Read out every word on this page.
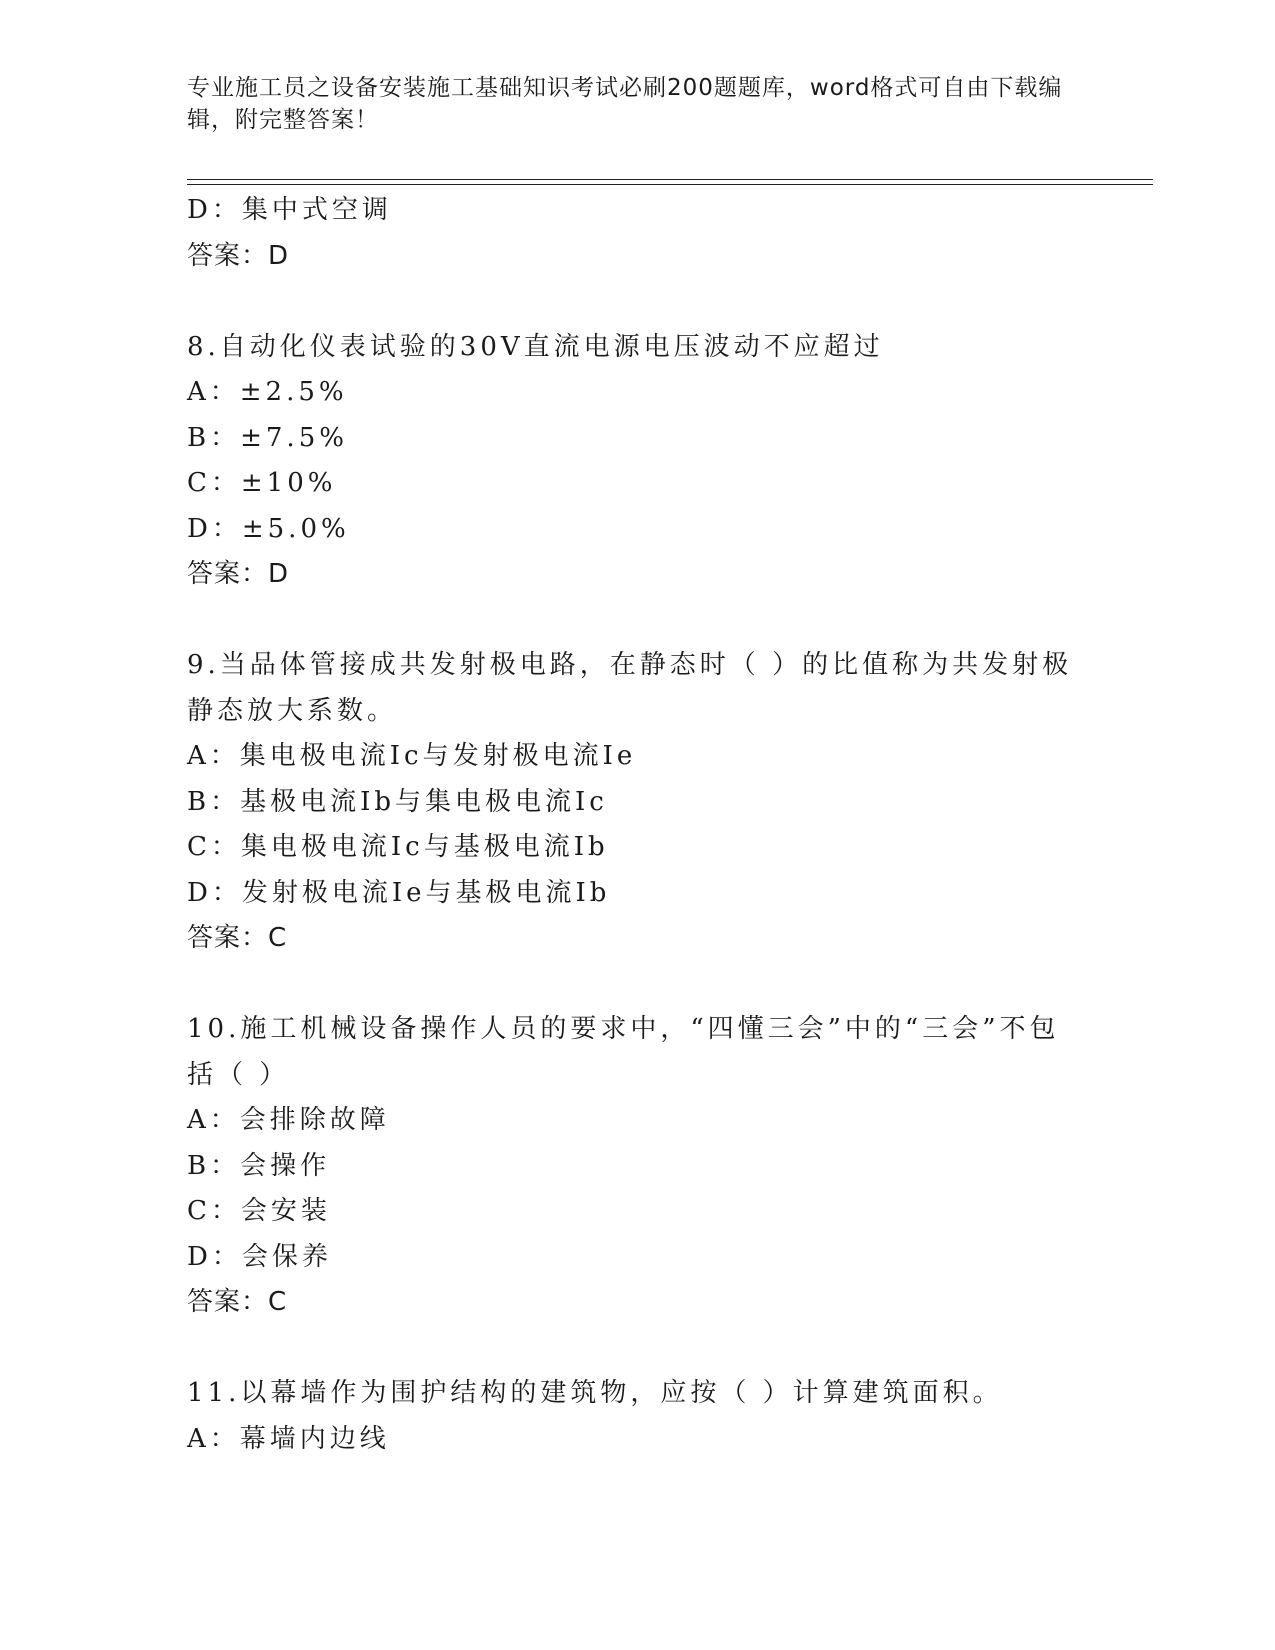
专业施工员之设备安装施工基础知识考试必刷200题题库，word格式可自由下载编辑，附完整答案！
D：集中式空调
答案：D
8.自动化仪表试验的30V直流电源电压波动不应超过
A：±2.5%
B：±7.5%
C：±10%
D：±5.0%
答案：D
9.当品体管接成共发射极电路，在静态时（ ）的比值称为共发射极静态放大系数。
A：集电极电流Ic与发射极电流Ie
B：基极电流Ib与集电极电流Ic
C：集电极电流Ic与基极电流Ib
D：发射极电流Ie与基极电流Ib
答案：C
10.施工机械设备操作人员的要求中，“四懂三会”中的“三会”不包括（ ）
A：会排除故障
B：会操作
C：会安装
D：会保养
答案：C
11.以幕墙作为围护结构的建筑物，应按（ ）计算建筑面积。
A：幕墙内边线
